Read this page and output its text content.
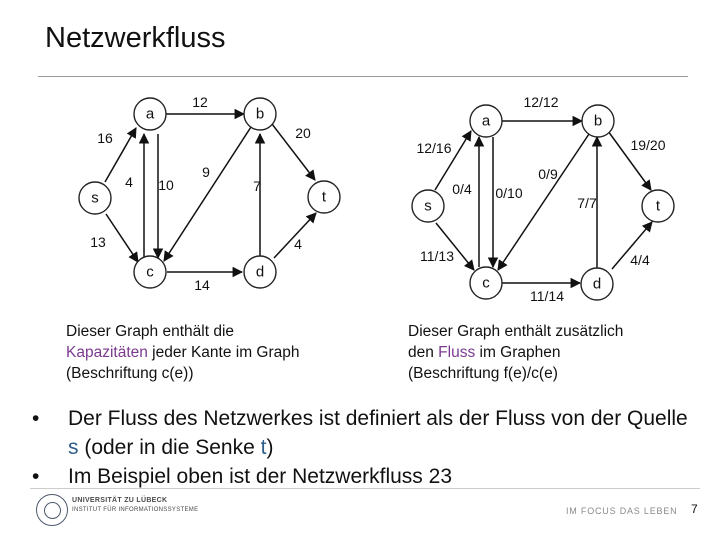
Netzwerkfluss
a	b
s	t
c	d
16
13
12
4 10
9
20
7
14
4
a	b
s	t
c	d
12/16
11/13
12/12
0/4 0/10
0/9
19/20
7/7
11/14
4/4
Dieser Graph enthält die
Kapazitäten jeder Kante im Graph
(Beschriftung c(e))
Dieser Graph enthält zusätzlich
den Fluss im Graphen
(Beschriftung f(e)/c(e)
• Der Fluss des Netzwerkes ist definiert als der Fluss von der Quelle s (oder in die Senke t)
• Im Beispiel oben ist der Netzwerkfluss 23
UNIVERSITÄT ZU LÜBECK
INSTITUT FÜR INFORMATIONSSYSTEME	IM FOCUS DAS LEBEN 7
